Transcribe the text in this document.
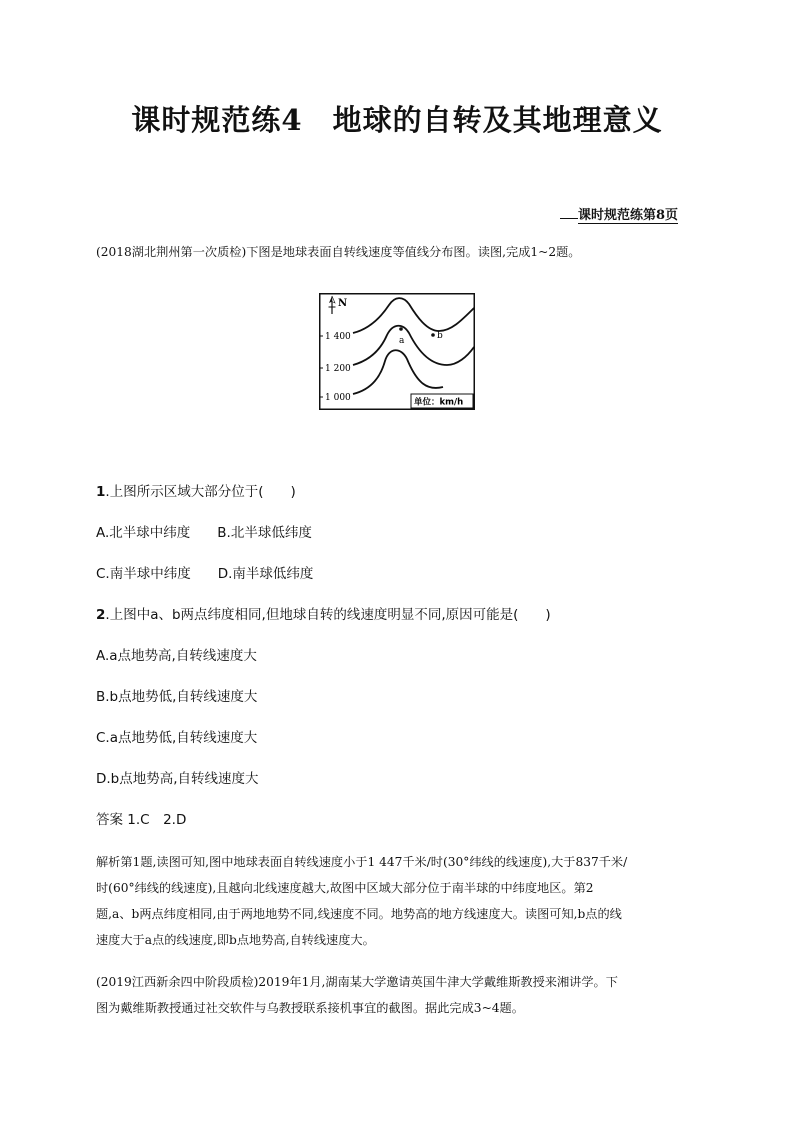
课时规范练4　地球的自转及其地理意义
课时规范练第8页
(2018湖北荆州第一次质检)下图是地球表面自转线速度等值线分布图。读图,完成1~2题。
N
1 400
1 200
1 000
a	b
单位：km/h
1.上图所示区域大部分位于(　　)
A.北半球中纬度 B.北半球低纬度
C.南半球中纬度 D.南半球低纬度
2.上图中a、b两点纬度相同,但地球自转的线速度明显不同,原因可能是(　　)
A.a点地势高,自转线速度大
B.b点地势低,自转线速度大
C.a点地势低,自转线速度大
D.b点地势高,自转线速度大
答案 1.C　2.D
解析第1题,读图可知,图中地球表面自转线速度小于1 447千米/时(30°纬线的线速度),大于837千米/
时(60°纬线的线速度),且越向北线速度越大,故图中区域大部分位于南半球的中纬度地区。第2
题,a、b两点纬度相同,由于两地地势不同,线速度不同。地势高的地方线速度大。读图可知,b点的线
速度大于a点的线速度,即b点地势高,自转线速度大。
(2019江西新余四中阶段质检)2019年1月,湖南某大学邀请英国牛津大学戴维斯教授来湘讲学。下
图为戴维斯教授通过社交软件与乌教授联系接机事宜的截图。据此完成3~4题。
